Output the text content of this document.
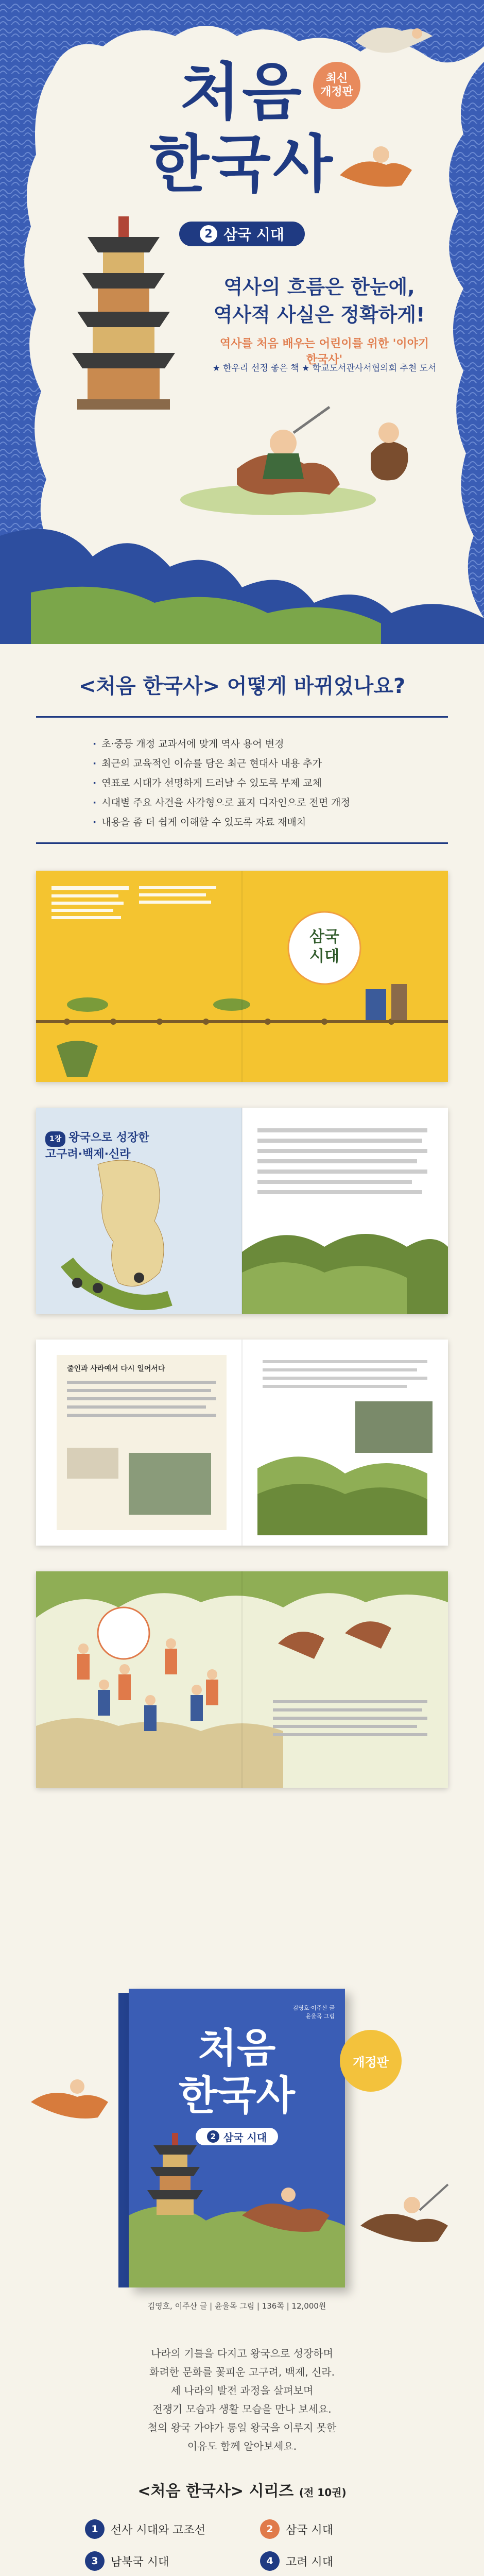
처음
한국사
최신
개정판
2 삼국 시대
역사의 흐름은 한눈에,
역사적 사실은 정확하게!
역사를 처음 배우는 어린이를 위한 '이야기 한국사'
★ 한우리 선정 좋은 책 ★ 학교도서관사서협의회 추천 도서
<처음 한국사> 어떻게 바뀌었나요?
· 초·중등 개정 교과서에 맞게 역사 용어 변경
· 최근의 교육적인 이슈를 담은 최근 현대사 내용 추가
· 연표로 시대가 선명하게 드러날 수 있도록 부제 교체
· 시대별 주요 사건을 사각형으로 표지 디자인으로 전면 개정
· 내용을 좀 더 쉽게 이해할 수 있도록 자료 재배치
삼국
시대

1장 왕국으로 성장한
고구려·백제·신라

줄인과 사라예서 다시 일어서다
김영호·이주산 글
윤울목 그림
처음
한국사
2 삼국 시대
개정판
김영호, 이주산 글 | 윤울목 그림 | 136쪽 | 12,000원

나라의 기틀을 다지고 왕국으로 성장하며

화려한 문화를 꽃피운 고구려, 백제, 신라.

세 나라의 발전 과정을 살펴보며

전쟁기 모습과 생활 모습을 만나 보세요.

철의 왕국 가야가 통일 왕국을 이루지 못한

이유도 함께 알아보세요.

<처음 한국사> 시리즈 (전 10권)
1	선사 시대와 고조선	2	삼국 시대
3	남북국 시대	4	고려 시대
